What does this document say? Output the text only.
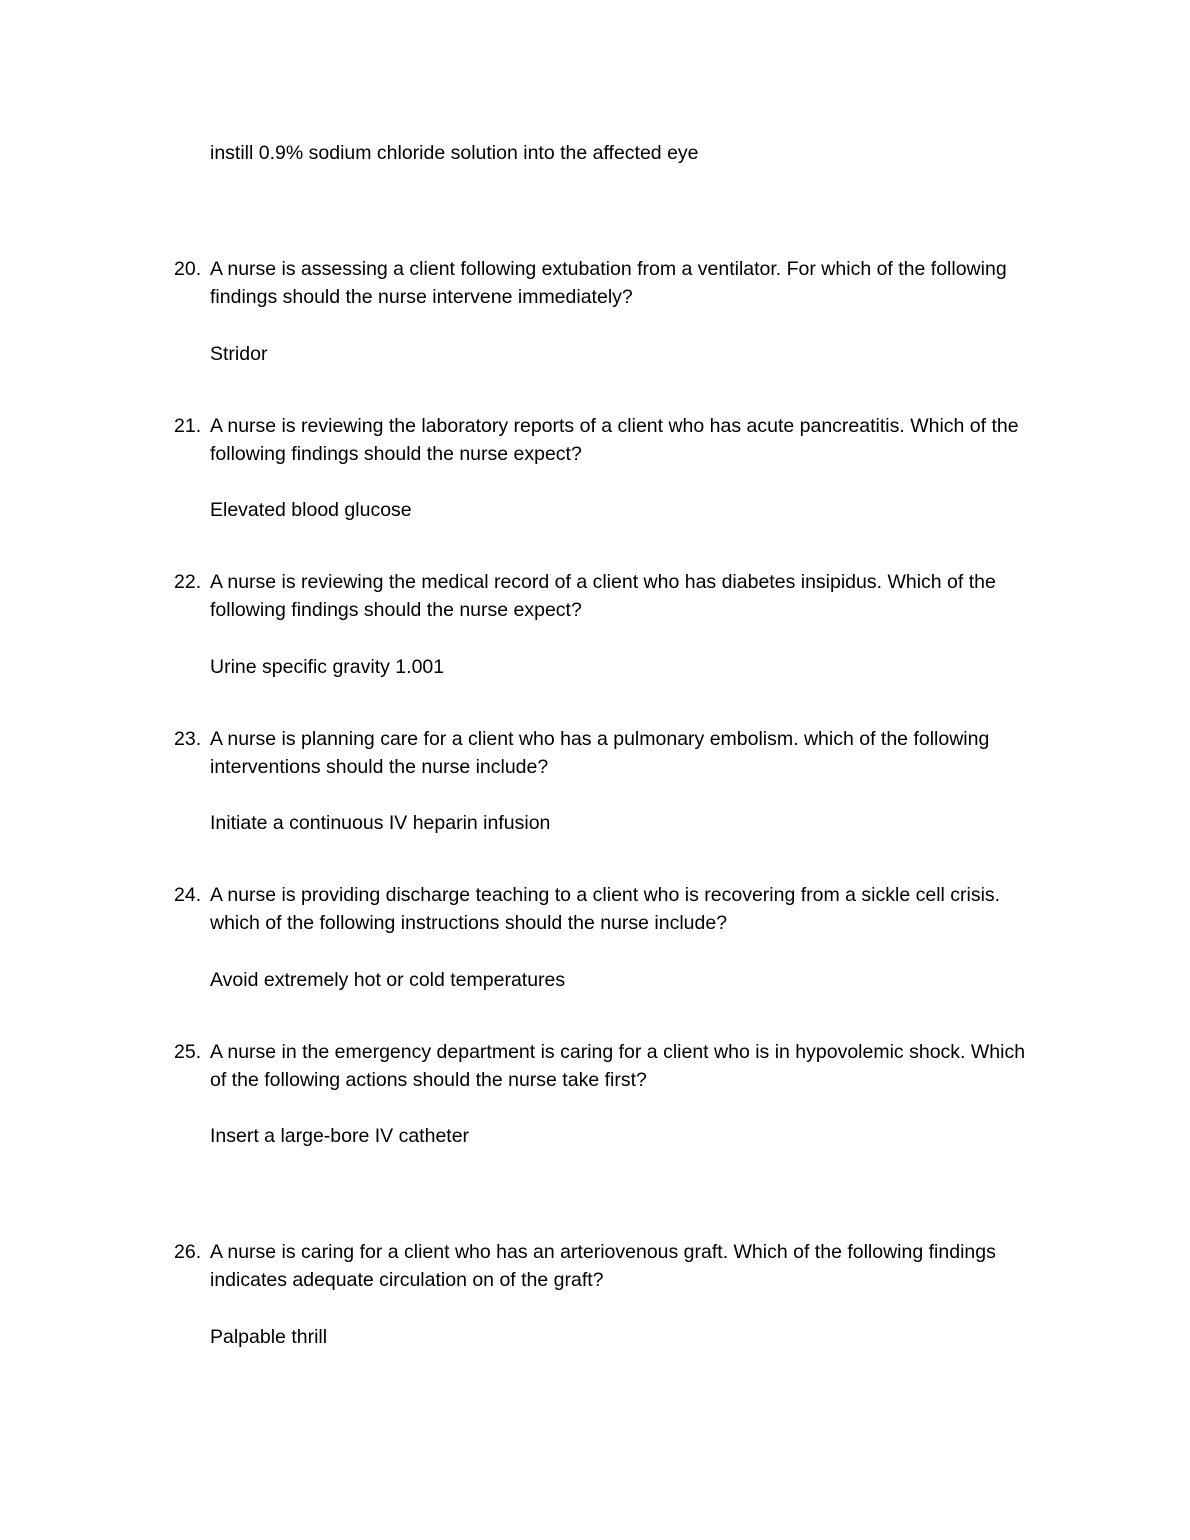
instill 0.9% sodium chloride solution into the affected eye
20. A nurse is assessing a client following extubation from a ventilator. For which of the following
findings should the nurse intervene immediately?
Stridor
21. A nurse is reviewing the laboratory reports of a client who has acute pancreatitis. Which of the
following findings should the nurse expect?
Elevated blood glucose
22. A nurse is reviewing the medical record of a client who has diabetes insipidus. Which of the
following findings should the nurse expect?
Urine specific gravity 1.001
23. A nurse is planning care for a client who has a pulmonary embolism. which of the following
interventions should the nurse include?
Initiate a continuous IV heparin infusion
24. A nurse is providing discharge teaching to a client who is recovering from a sickle cell crisis.
which of the following instructions should the nurse include?
Avoid extremely hot or cold temperatures
25. A nurse in the emergency department is caring for a client who is in hypovolemic shock. Which
of the following actions should the nurse take first?
Insert a large-bore IV catheter
26. A nurse is caring for a client who has an arteriovenous graft. Which of the following findings
indicates adequate circulation on of the graft?
Palpable thrill
